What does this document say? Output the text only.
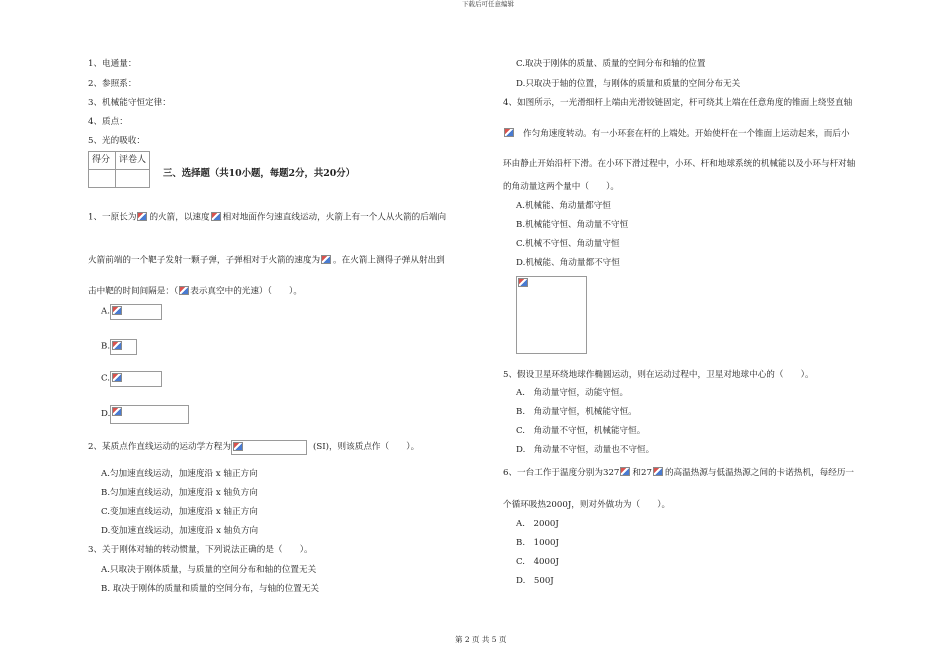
下载后可任意编辑
第 2 页 共 5 页
1、电通量：
2、参照系：
3、机械能守恒定律：
4、质点：
5、光的吸收：
得分	评卷人

三、选择题（共10小题，每题2分，共20分）
1、一原长为 的火箭，以速度 相对地面作匀速直线运动，火箭上有一个人从火箭的后端向
火箭前端的一个靶子发射一颗子弹，子弹相对于火箭的速度为 。在火箭上测得子弹从射出到
击中靶的时间间隔是：（ 表示真空中的光速）（　　）。
A.
B.
C.
D.
2、某质点作直线运动的运动学方程为	(SI)，则该质点作（　　）。
A.匀加速直线运动，加速度沿 x 轴正方向
B.匀加速直线运动，加速度沿 x 轴负方向
C.变加速直线运动，加速度沿 x 轴正方向
D.变加速直线运动，加速度沿 x 轴负方向
3、关于刚体对轴的转动惯量，下列说法正确的是（　　）。
A.只取决于刚体质量，与质量的空间分布和轴的位置无关
B. 取决于刚体的质量和质量的空间分布，与轴的位置无关
C.取决于刚体的质量、质量的空间分布和轴的位置
D.只取决于轴的位置，与刚体的质量和质量的空间分布无关
4、如图所示，一光滑细杆上端由光滑铰链固定，杆可绕其上端在任意角度的锥面上绕竖直轴
作匀角速度转动。有一小环套在杆的上端处。开始使杆在一个锥面上运动起来，而后小
环由静止开始沿杆下滑。在小环下滑过程中，小环、杆和地球系统的机械能以及小环与杆对轴
的角动量这两个量中（　　）。
A.机械能、角动量都守恒
B.机械能守恒、角动量不守恒
C.机械不守恒、角动量守恒
D.机械能、角动量都不守恒
5、假设卫星环绕地球作椭圆运动，则在运动过程中，卫星对地球中心的（　　）。
A.　角动量守恒，动能守恒。
B.　角动量守恒，机械能守恒。
C.　角动量不守恒，机械能守恒。
D.　角动量不守恒，动量也不守恒。
6、一台工作于温度分别为327 和27 的高温热源与低温热源之间的卡诺热机，每经历一
个循环吸热2000J，则对外做功为（　　）。
A.　2000J
B.　1000J
C.　4000J
D.　500J
